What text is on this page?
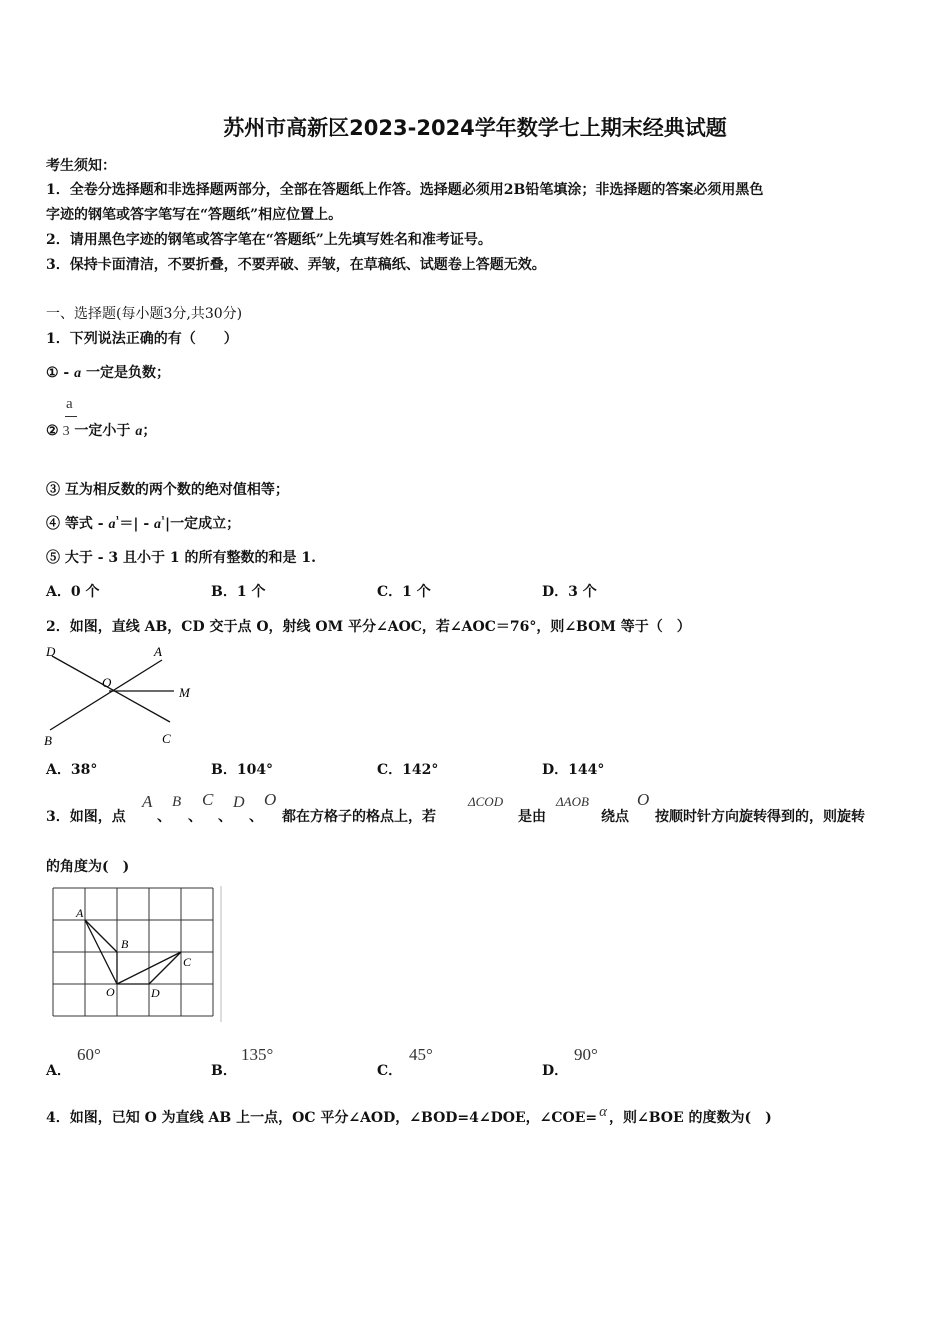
苏州市高新区2023-2024学年数学七上期末经典试题
考生须知：
1．全卷分选择题和非选择题两部分，全部在答题纸上作答。选择题必须用2B铅笔填涂；非选择题的答案必须用黑色
字迹的钢笔或答字笔写在“答题纸”相应位置上。
2．请用黑色字迹的钢笔或答字笔在“答题纸”上先填写姓名和准考证号。
3．保持卡面清洁，不要折叠，不要弄破、弄皱，在草稿纸、试题卷上答题无效。
一、选择题(每小题3分,共30分)
1．下列说法正确的有（　　）
① - a 一定是负数；
a
② 3 一定小于 a；
③ 互为相反数的两个数的绝对值相等；
④ 等式 - $a^{^1}=| - a^{^1}|$一定成立；
⑤ 大于 - 3 且小于 1 的所有整数的和是 1.
A．0 个	B．1 个	C．1 个	D．3 个
2．如图，直线 AB，CD 交于点 O，射线 OM 平分∠AOC，若∠AOC＝76°，则∠BOM 等于（　）
D	A
O
M
B	C
A．38°	B．104°	C．142°	D．144°
3．如图，点
A
、
B
、
C
、
D
、
O
都在方格子的格点上，若
ΔCOD
是由
ΔAOB
绕点
O
按顺时针方向旋转得到的，则旋转
的角度为(　)
A
B
C
O	D
A．
60°
B．
135°
C．
45°
D．
90°
4．如图，已知 O 为直线 AB 上一点，OC 平分∠AOD，∠BOD=4∠DOE，∠COE= α ，则∠BOE 的度数为(　)
